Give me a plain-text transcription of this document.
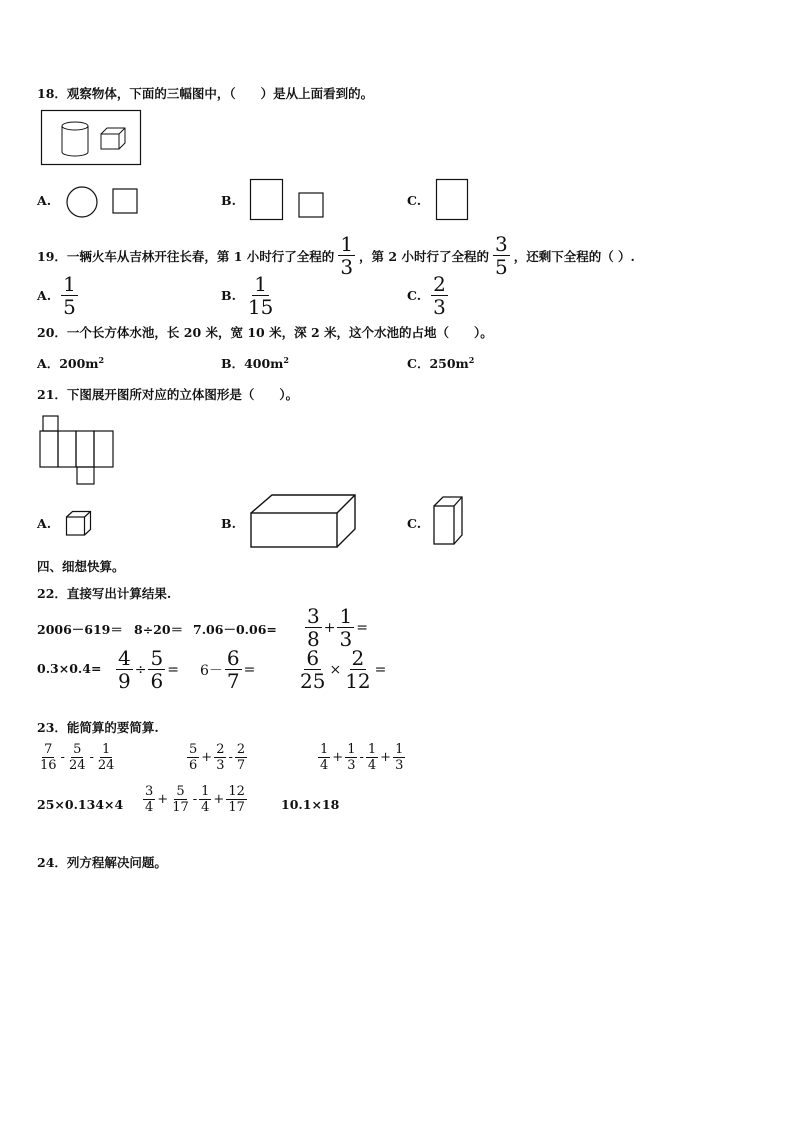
18．观察物体，下面的三幅图中，（　　）是从上面看到的。
A.	B.	C.
19．一辆火车从吉林开往长春，第 1 小时行了全程的 $\frac{1}{3}$ ，第 2 小时行了全程的 $\frac{3}{5}$ ，还剩下全程的（ ）.
A. $\frac{1}{5}$	B. $\frac{1}{15}$	C. $\frac{2}{3}$
20．一个长方体水池，长 20 米，宽 10 米，深 2 米，这个水池的占地（　　）。
A．$200m^2$	B．$400m^2$	C．$250m^2$
21．下图展开图所对应的立体图形是（　　）。
A.	B.	C.
四、细想快算。
22．直接写出计算结果.
$2006-619= 8\div 20= 7.06-0.06= \frac{3}{8} + \frac{1}{3}$ =
$0.3\times 0.4= \frac{4}{9} \div \frac{5}{6} = 6- \frac{6}{7} = \frac{6}{25} \times \frac{2}{12}$ =
23．能简算的要简算.
$\frac{7}{16} - \frac{5}{24} - \frac{1}{24}$	$\frac{5}{6} + \frac{2}{3} - \frac{2}{7}$	$\frac{1}{4} + \frac{1}{3} - \frac{1}{4} + \frac{1}{3}$
$25\times 0.134\times 4 \frac{3}{4} + \frac{5}{17} - \frac{1}{4} + \frac{12}{17}$	10.1×18
24．列方程解决问题。
